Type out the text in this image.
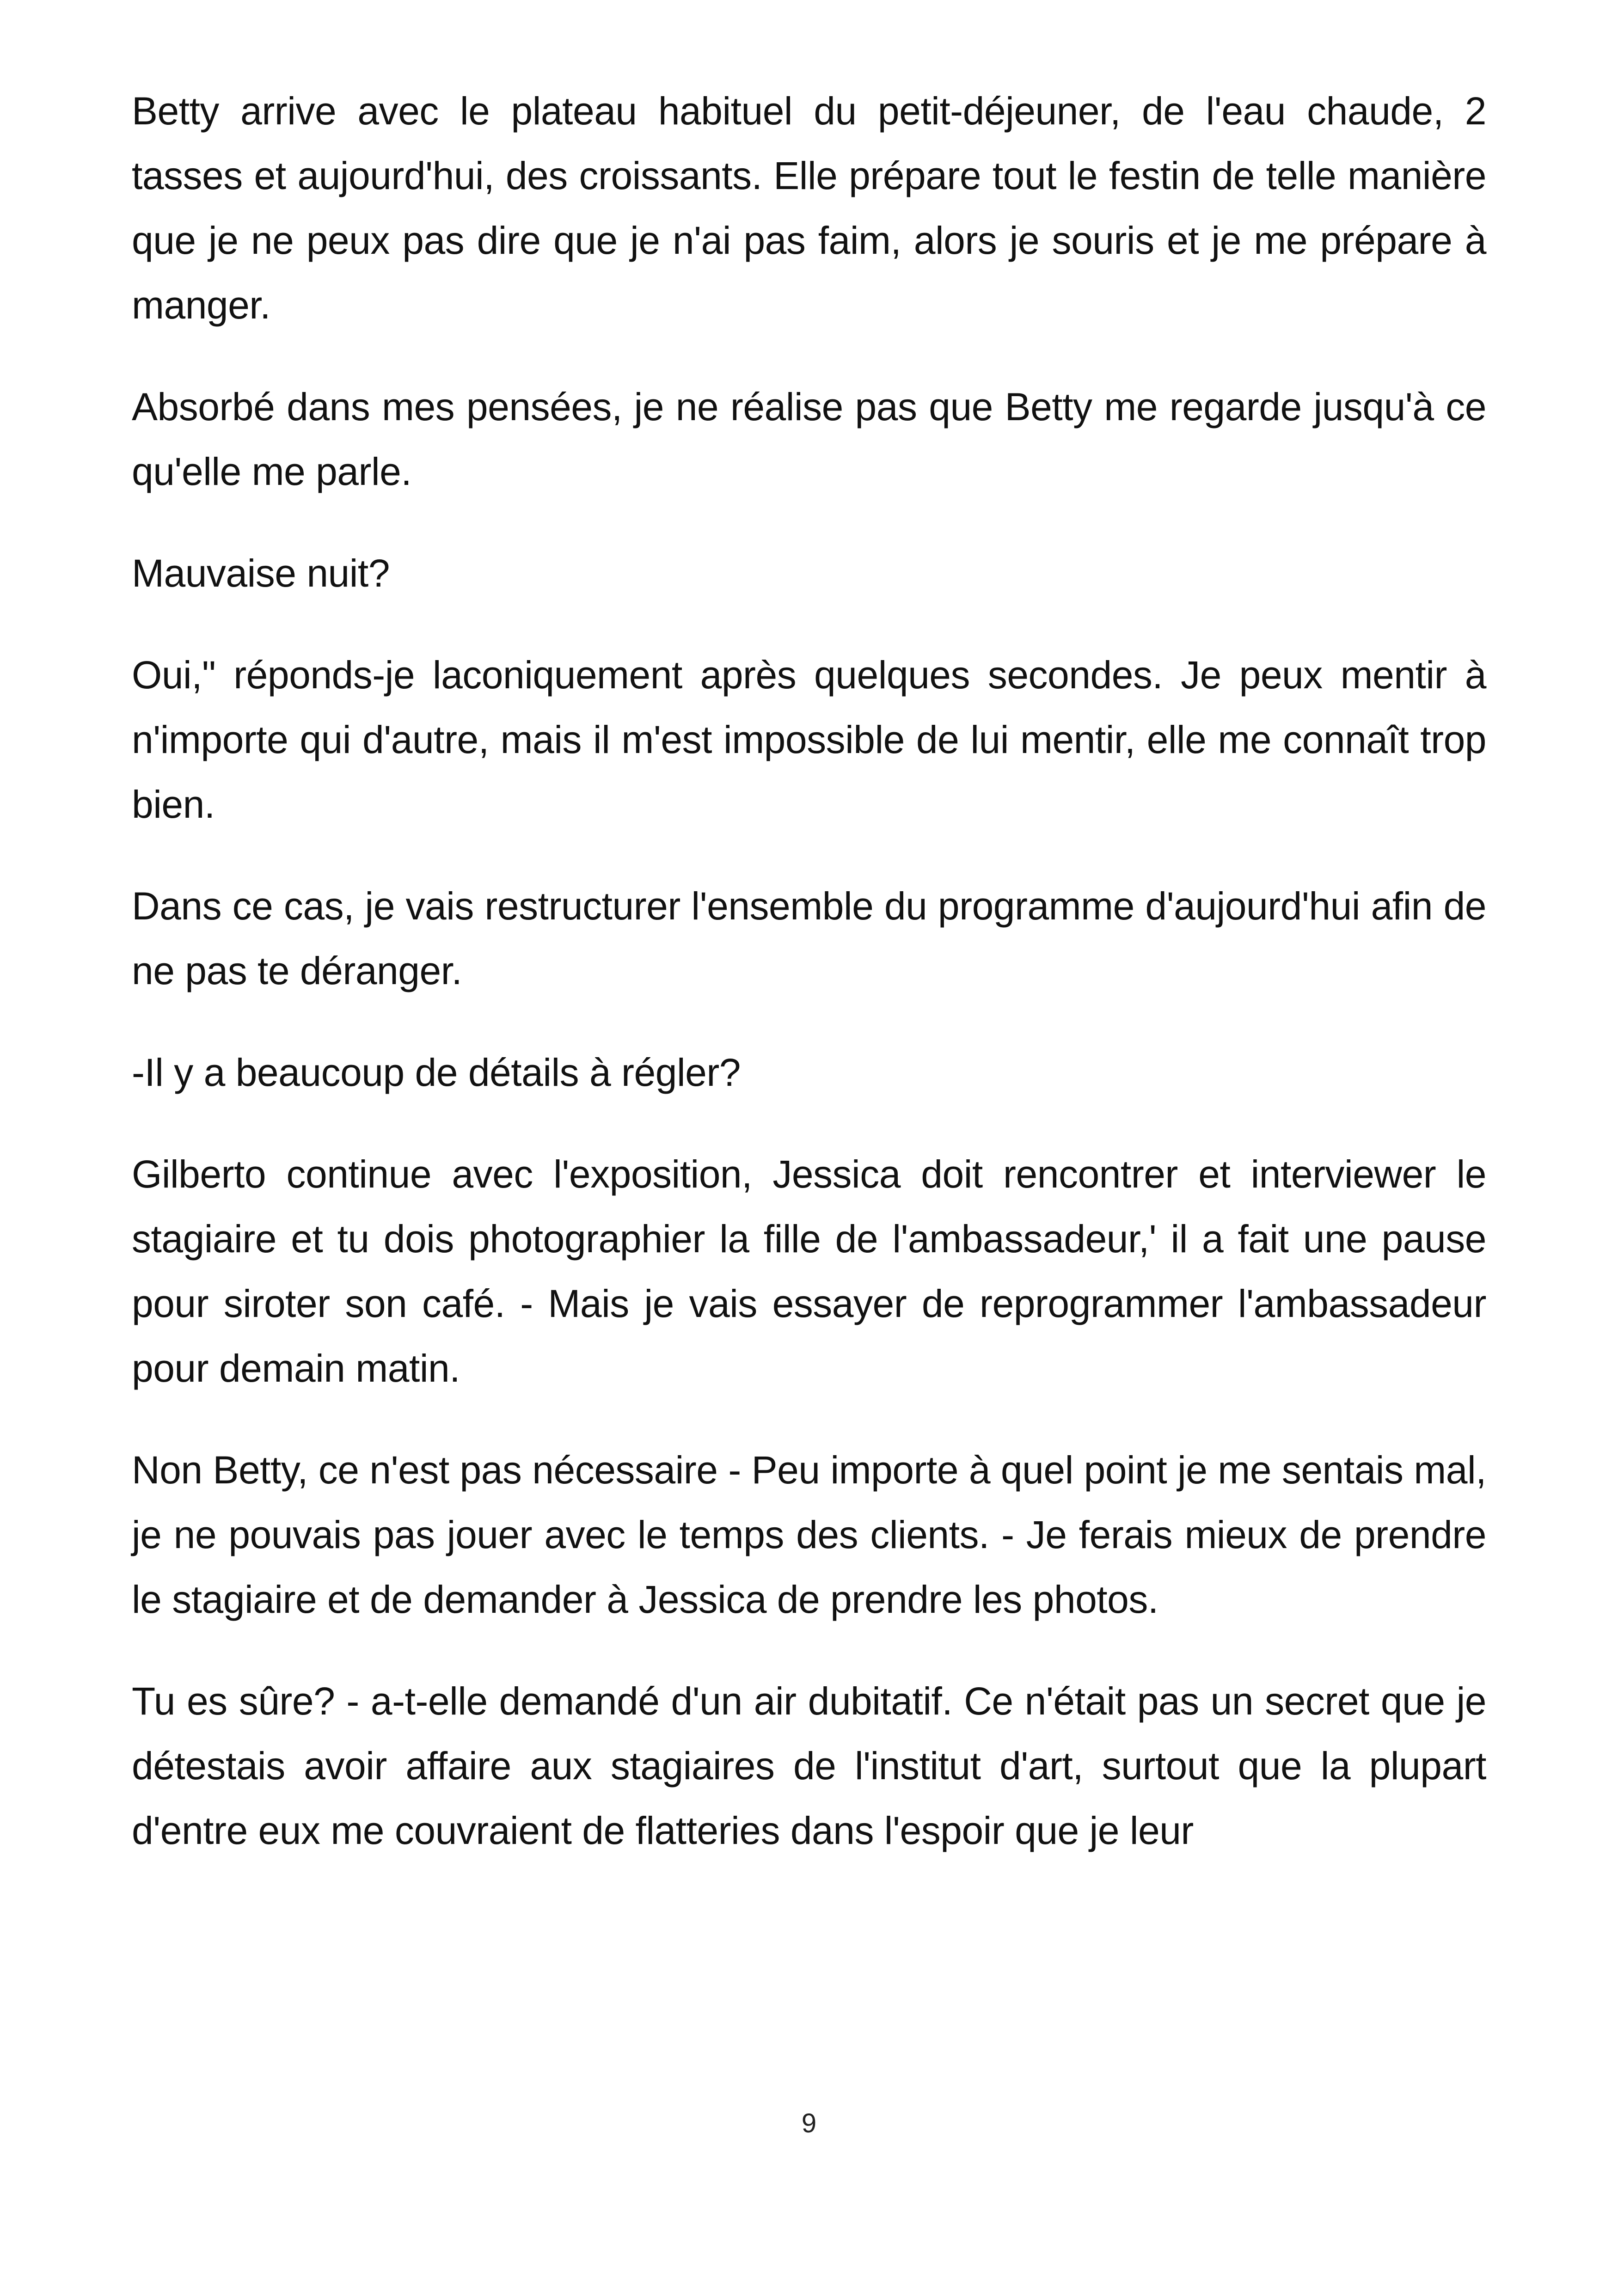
Betty arrive avec le plateau habituel du petit-déjeuner, de l'eau chaude, 2 tasses et aujourd'hui, des croissants. Elle prépare tout le festin de telle manière que je ne peux pas dire que je n'ai pas faim, alors je souris et je me prépare à manger.

Absorbé dans mes pensées, je ne réalise pas que Betty me regarde jusqu'à ce qu'elle me parle.

Mauvaise nuit?

Oui," réponds-je laconiquement après quelques secondes. Je peux mentir à n'importe qui d'autre, mais il m'est impossible de lui mentir, elle me connaît trop bien.

Dans ce cas, je vais restructurer l'ensemble du programme d'aujourd'hui afin de ne pas te déranger.

-Il y a beaucoup de détails à régler?

Gilberto continue avec l'exposition, Jessica doit rencontrer et interviewer le stagiaire et tu dois photographier la fille de l'ambassadeur,' il a fait une pause pour siroter son café. - Mais je vais essayer de reprogrammer l'ambassadeur pour demain matin.

Non Betty, ce n'est pas nécessaire - Peu importe à quel point je me sentais mal, je ne pouvais pas jouer avec le temps des clients. - Je ferais mieux de prendre le stagiaire et de demander à Jessica de prendre les photos.

Tu es sûre? - a-t-elle demandé d'un air dubitatif. Ce n'était pas un secret que je détestais avoir affaire aux stagiaires de l'institut d'art, surtout que la plupart d'entre eux me couvraient de flatteries dans l'espoir que je leur

9
